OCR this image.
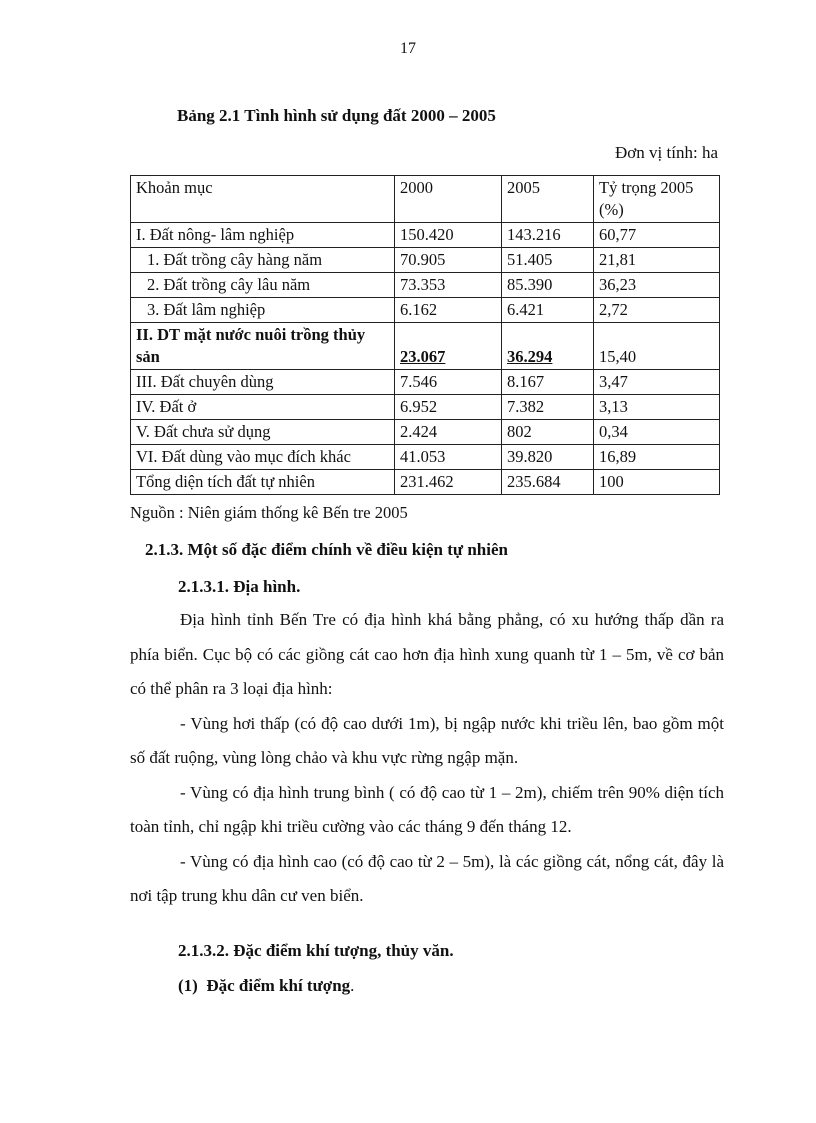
17
Bảng 2.1 Tình hình sử dụng đất 2000 – 2005
Đơn vị tính: ha
Khoản mục	2000	2005	Tỷ trọng 2005 (%)
I. Đất nông- lâm nghiệp	150.420	143.216	60,77
1. Đất trồng cây hàng năm	70.905	51.405	21,81
2. Đất trồng cây lâu năm	73.353	85.390	36,23
3. Đất lâm nghiệp	6.162	6.421	2,72
II. DT mặt nước nuôi trồng thủy sản	23.067	36.294	15,40
III. Đất chuyên dùng	7.546	8.167	3,47
IV. Đất ở	6.952	7.382	3,13
V. Đất chưa sử dụng	2.424	802	0,34
VI. Đất dùng vào mục đích khác	41.053	39.820	16,89
Tổng diện tích đất tự nhiên	231.462	235.684	100
Nguồn : Niên giám thống kê Bến tre 2005
2.1.3. Một số đặc điểm chính về điều kiện tự nhiên
2.1.3.1. Địa hình.

Địa hình tỉnh Bến Tre có địa hình khá bằng phẳng, có xu hướng thấp dần ra phía biển. Cục bộ có các giồng cát cao hơn địa hình xung quanh từ 1 – 5m, về cơ bản có thể phân ra 3 loại địa hình:

- Vùng hơi thấp (có độ cao dưới 1m), bị ngập nước khi triều lên, bao gồm một số đất ruộng, vùng lòng chảo và khu vực rừng ngập mặn.

- Vùng có địa hình trung bình ( có độ cao từ 1 – 2m), chiếm trên 90% diện tích toàn tỉnh, chỉ ngập khi triều cường vào các tháng 9 đến tháng 12.

- Vùng có địa hình cao (có độ cao từ 2 – 5m), là các giồng cát, nổng cát, đây là nơi tập trung khu dân cư ven biển.

2.1.3.2. Đặc điểm khí tượng, thủy văn.
(1) Đặc điểm khí tượng.
